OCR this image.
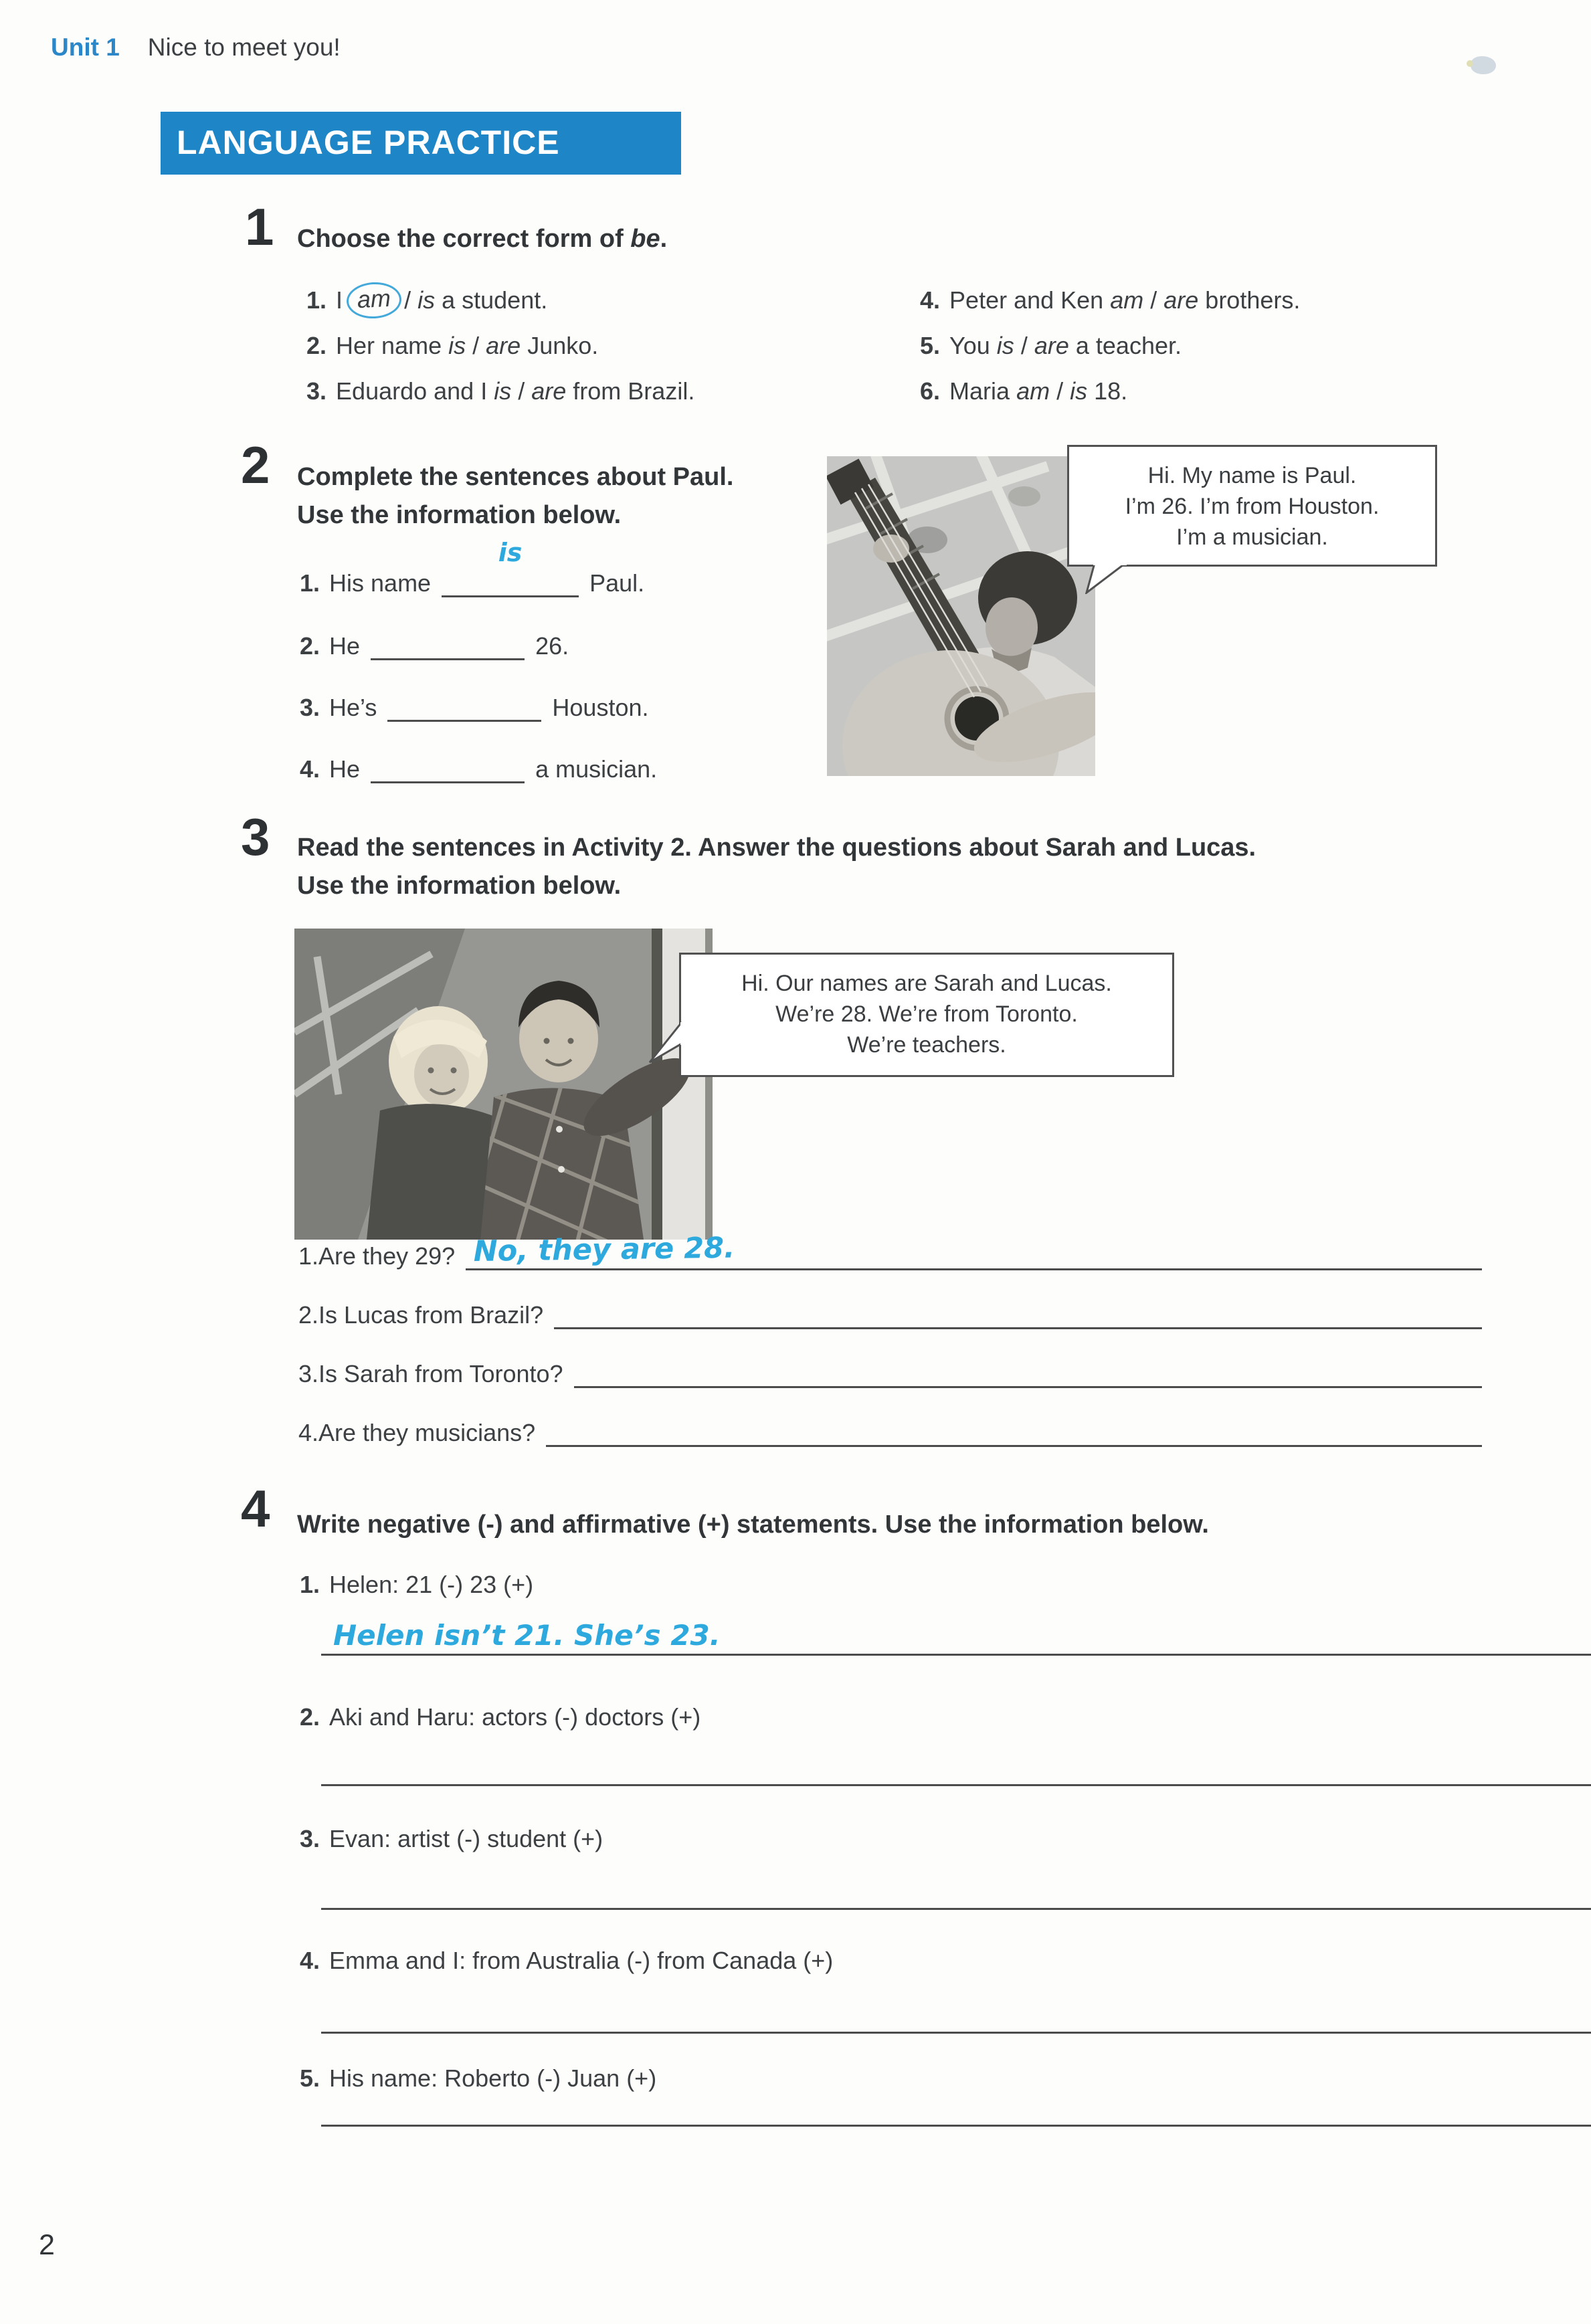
Unit 1 Nice to meet you!
LANGUAGE PRACTICE
1 Choose the correct form of be.
1. I am / is a student.
2. Her name is / are Junko.
3. Eduardo and I is / are from Brazil.
4. Peter and Ken am / are brothers.
5. You is / are a teacher.
6. Maria am / is 18.
2 Complete the sentences about Paul.
Use the information below.
1. His name
is
Paul.
2. He	26.
3. He’s	Houston.
4. He	a musician.
Hi. My name is Paul.
I’m 26. I’m from Houston.
I’m a musician.
3 Read the sentences in Activity 2. Answer the questions about Sarah and Lucas.
Use the information below.
Hi. Our names are Sarah and Lucas.
We’re 28. We’re from Toronto.
We’re teachers.
1. Are they 29? No, they are 28.
2. Is Lucas from Brazil?
3. Is Sarah from Toronto?
4. Are they musicians?
4 Write negative (-) and affirmative (+) statements. Use the information below.
1. Helen: 21 (-) 23 (+)
Helen isn’t 21. She’s 23.
2. Aki and Haru: actors (-) doctors (+)
3. Evan: artist (-) student (+)
4. Emma and I: from Australia (-) from Canada (+)
5. His name: Roberto (-) Juan (+)
2
